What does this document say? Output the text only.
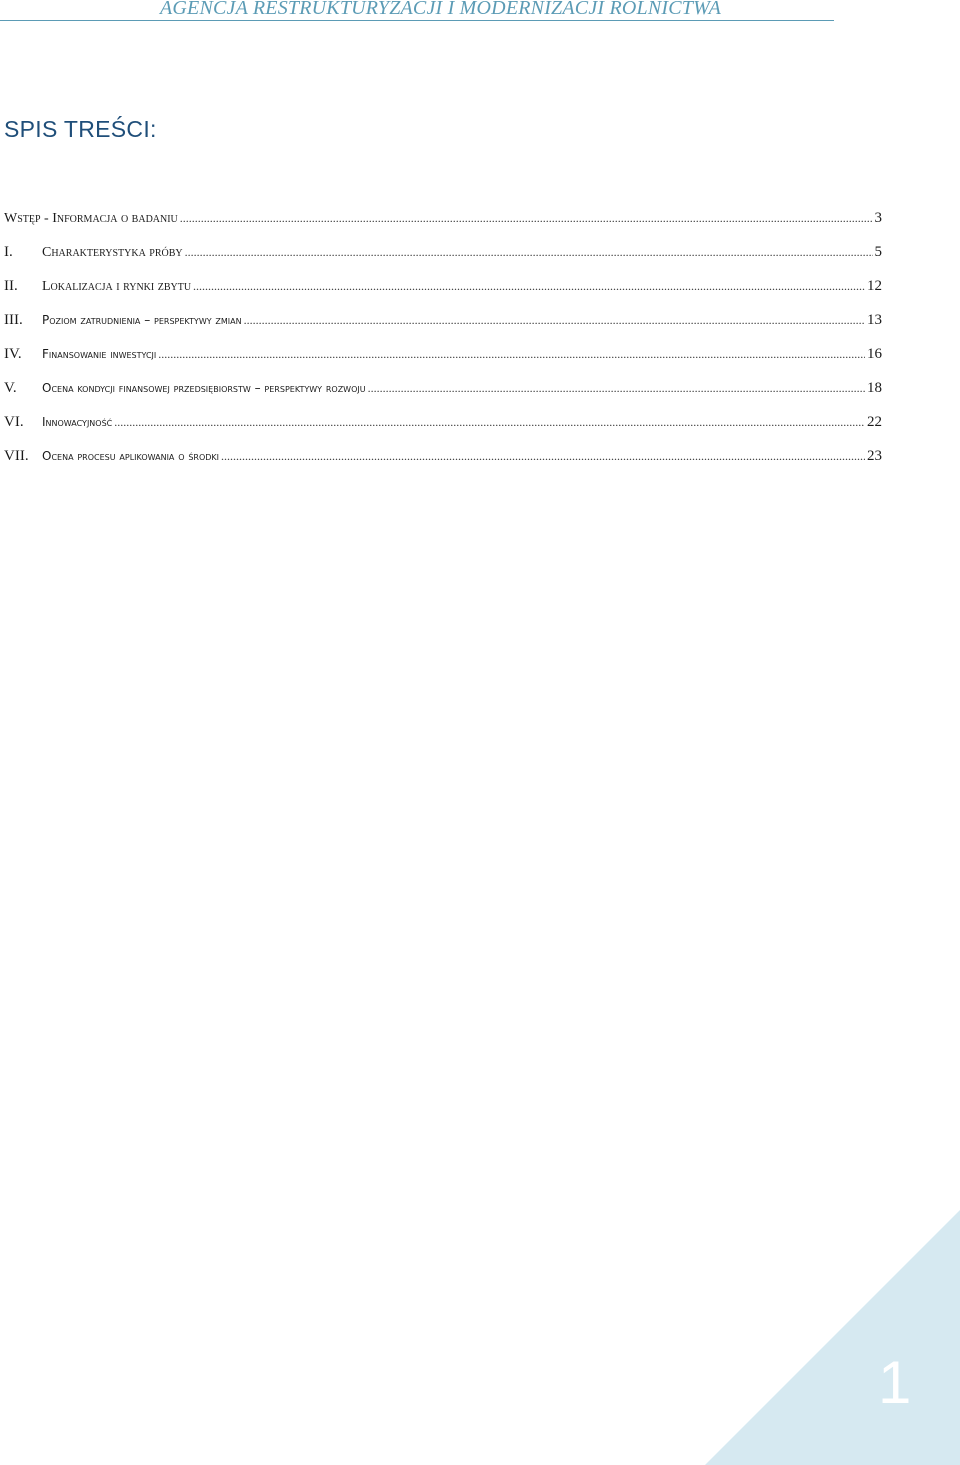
AGENCJA RESTRUKTURYZACJI I MODERNIZACJI ROLNICTWA
SPIS TREŚCI:
Wstęp - Informacja o badaniu .....	3
I.	Charakterystyka próby .....	5
II.	Lokalizacja i rynki zbytu .....	12
III.	Poziom zatrudnienia – perspektywy zmian .....	13
IV.	Finansowanie inwestycji .....	16
V.	Ocena kondycji finansowej przedsiębiorstw – perspektywy rozwoju .....	18
VI.	Innowacyjność .....	22
VII.	Ocena procesu aplikowania o środki .....	23
1
